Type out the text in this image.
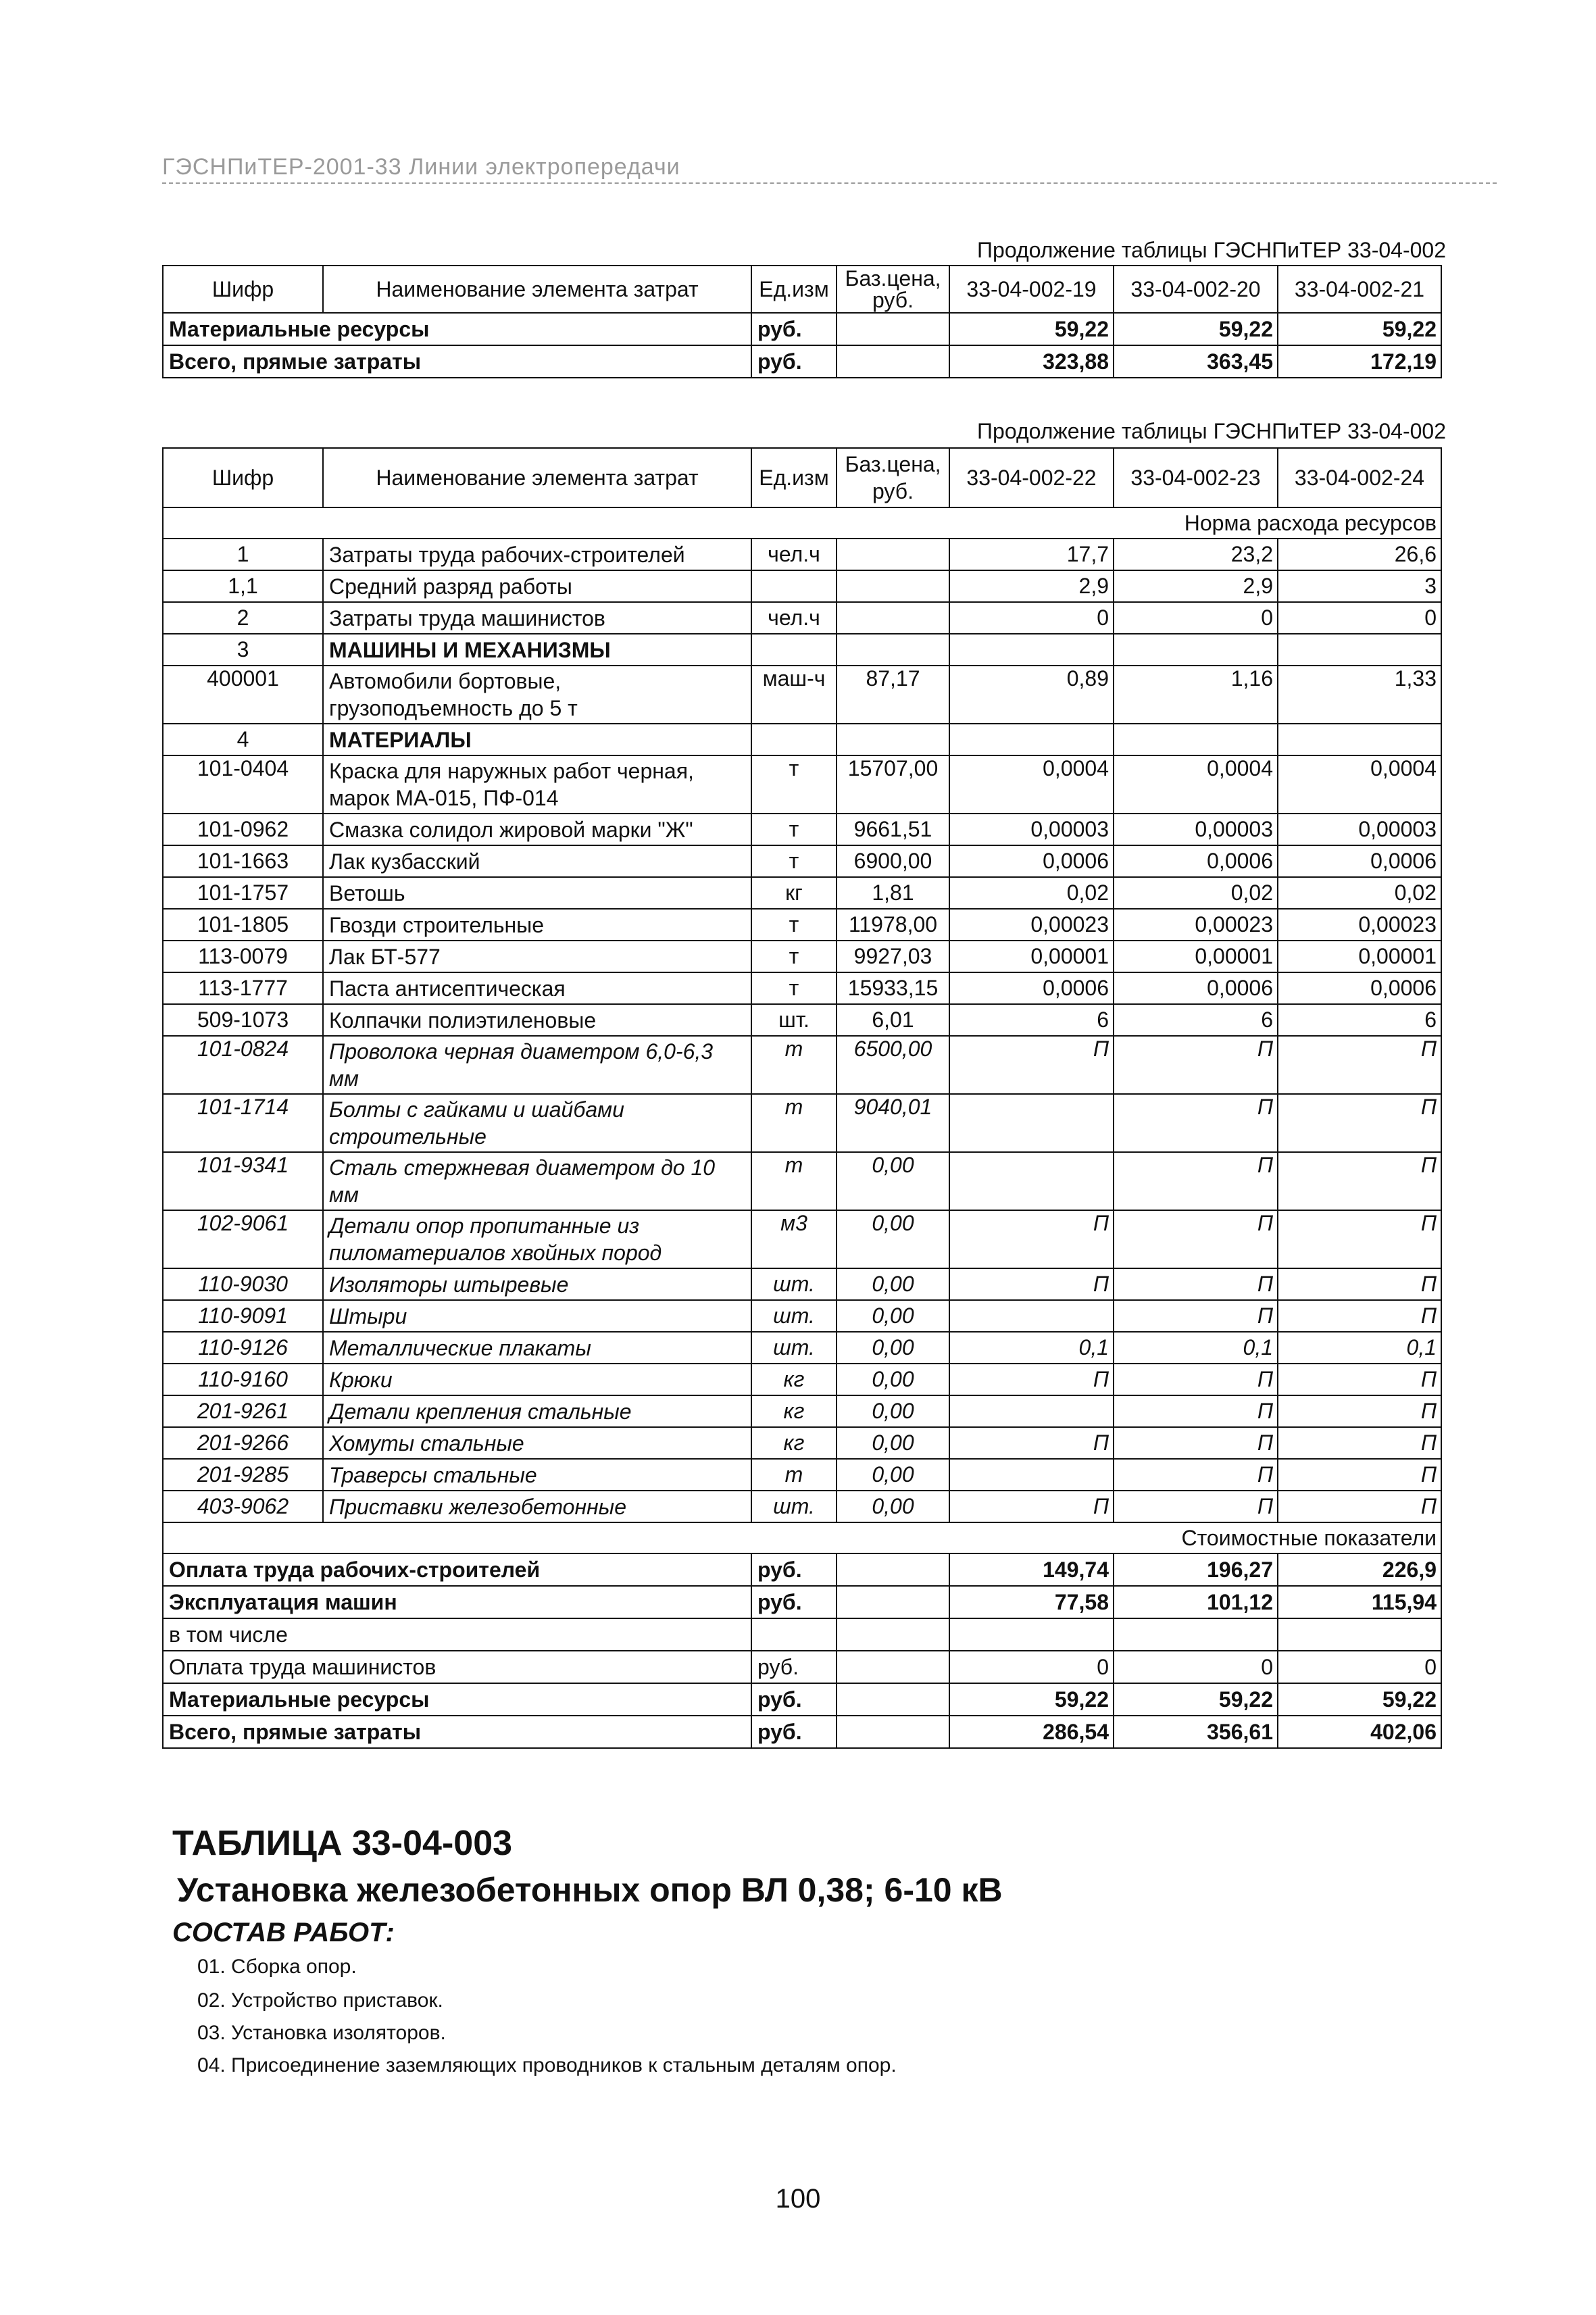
ГЭСНПиТЕР-2001-33 Линии электропередачи
Продолжение таблицы ГЭСНПиТЕР 33-04-002
Шифр	Наименование элемента затрат	Ед.изм	Баз.цена, руб.	33-04-002-19	33-04-002-20	33-04-002-21
Материальные ресурсы		руб.		59,22	59,22	59,22
Всего, прямые затраты		руб.		323,88	363,45	172,19
Продолжение таблицы ГЭСНПиТЕР 33-04-002
Шифр	Наименование элемента затрат	Ед.изм	Баз.цена, руб.	33-04-002-22	33-04-002-23	33-04-002-24
Норма расхода ресурсов						
1	Затраты труда рабочих-строителей	чел.ч		17,7	23,2	26,6
1,1	Средний разряд работы			2,9	2,9	3
2	Затраты труда машинистов	чел.ч		0	0	0
3	МАШИНЫ И МЕХАНИЗМЫ					
400001	Автомобили бортовые, грузоподъемность до 5 т	маш-ч	87,17	0,89	1,16	1,33
4	МАТЕРИАЛЫ					
101-0404	Краска для наружных работ черная, марок МА-015, ПФ-014	т	15707,00	0,0004	0,0004	0,0004
101-0962	Смазка солидол жировой марки "Ж"	т	9661,51	0,00003	0,00003	0,00003
101-1663	Лак кузбасский	т	6900,00	0,0006	0,0006	0,0006
101-1757	Ветошь	кг	1,81	0,02	0,02	0,02
101-1805	Гвозди строительные	т	11978,00	0,00023	0,00023	0,00023
113-0079	Лак БТ-577	т	9927,03	0,00001	0,00001	0,00001
113-1777	Паста антисептическая	т	15933,15	0,0006	0,0006	0,0006
509-1073	Колпачки полиэтиленовые	шт.	6,01	6	6	6
101-0824	Проволока черная диаметром 6,0-6,3 мм	т	6500,00	П	П	П
101-1714	Болты с гайками и шайбами строительные	т	9040,01		П	П
101-9341	Сталь стержневая диаметром до 10 мм	т	0,00		П	П
102-9061	Детали опор пропитанные из пиломатериалов хвойных пород	м3	0,00	П	П	П
110-9030	Изоляторы штыревые	шт.	0,00	П	П	П
110-9091	Штыри	шт.	0,00		П	П
110-9126	Металлические плакаты	шт.	0,00	0,1	0,1	0,1
110-9160	Крюки	кг	0,00	П	П	П
201-9261	Детали крепления стальные	кг	0,00		П	П
201-9266	Хомуты стальные	кг	0,00	П	П	П
201-9285	Траверсы стальные	т	0,00		П	П
403-9062	Приставки железобетонные	шт.	0,00	П	П	П
Стоимостные показатели						
Оплата труда рабочих-строителей		руб.		149,74	196,27	226,9
Эксплуатация машин		руб.		77,58	101,12	115,94
в том числе						
Оплата труда машинистов		руб.		0	0	0
Материальные ресурсы		руб.		59,22	59,22	59,22
Всего, прямые затраты		руб.		286,54	356,61	402,06
ТАБЛИЦА 33-04-003
Установка железобетонных опор ВЛ 0,38; 6-10 кВ
СОСТАВ РАБОТ:
01. Сборка опор.
02. Устройство приставок.
03. Установка изоляторов.
04. Присоединение заземляющих проводников к стальным деталям опор.
100
